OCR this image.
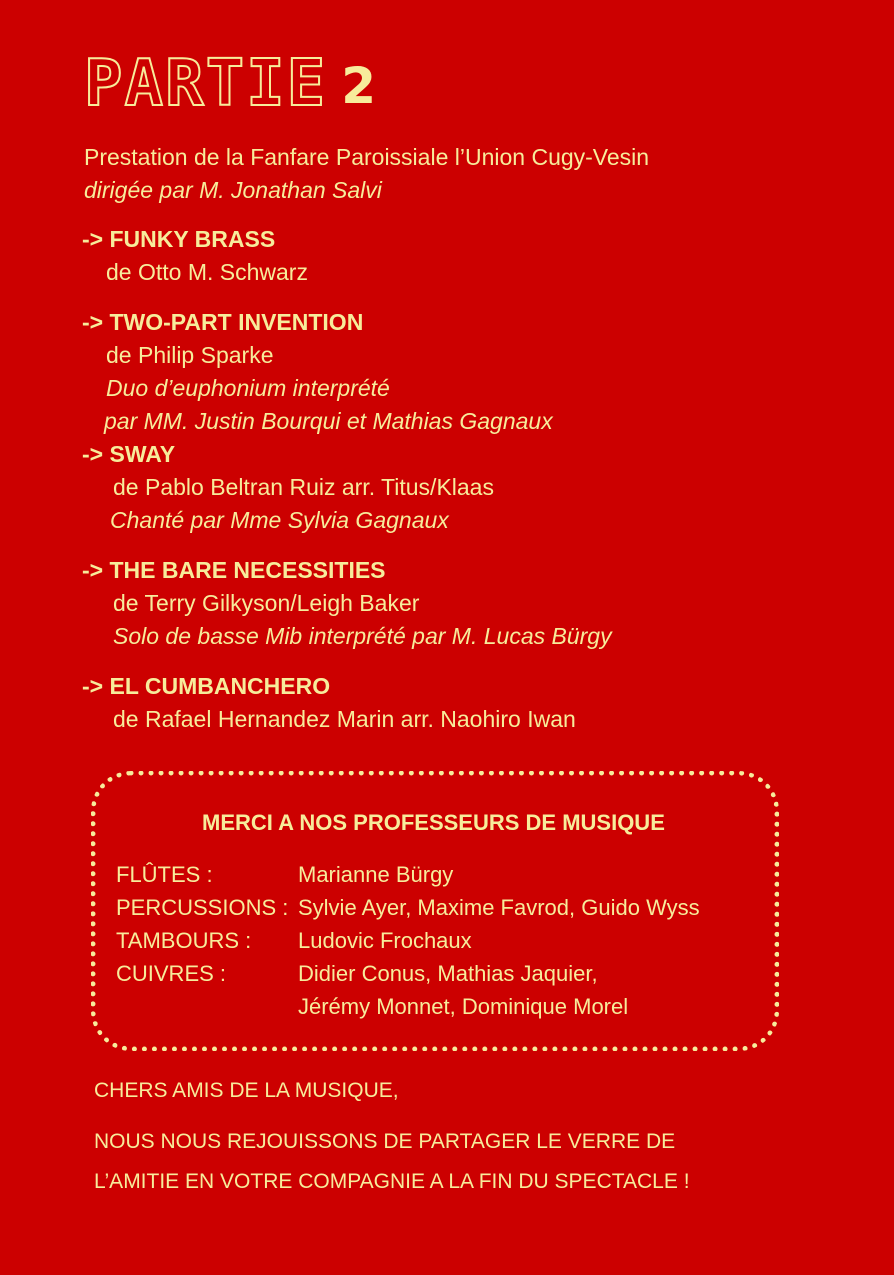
PARTIE 2
Prestation de la Fanfare Paroissiale l’Union Cugy-Vesin
dirigée par M. Jonathan Salvi
-> FUNKY BRASS
de Otto M. Schwarz
-> TWO-PART INVENTION
de Philip Sparke
Duo d’euphonium interprété
par MM. Justin Bourqui et Mathias Gagnaux
-> SWAY
de Pablo Beltran Ruiz arr. Titus/Klaas
Chanté par Mme Sylvia Gagnaux
-> THE BARE NECESSITIES
de Terry Gilkyson/Leigh Baker
Solo de basse Mib interprété par M. Lucas Bürgy
-> EL CUMBANCHERO
de Rafael Hernandez Marin arr. Naohiro Iwan
MERCI A NOS PROFESSEURS DE MUSIQUE
FLÛTES :	Marianne Bürgy
PERCUSSIONS : Sylvie Ayer, Maxime Favrod, Guido Wyss
TAMBOURS : Ludovic Frochaux
CUIVRES :	Didier Conus, Mathias Jaquier,
Jérémy Monnet, Dominique Morel
CHERS AMIS DE LA MUSIQUE,
NOUS NOUS REJOUISSONS DE PARTAGER LE VERRE DE
L’AMITIE EN VOTRE COMPAGNIE A LA FIN DU SPECTACLE !
